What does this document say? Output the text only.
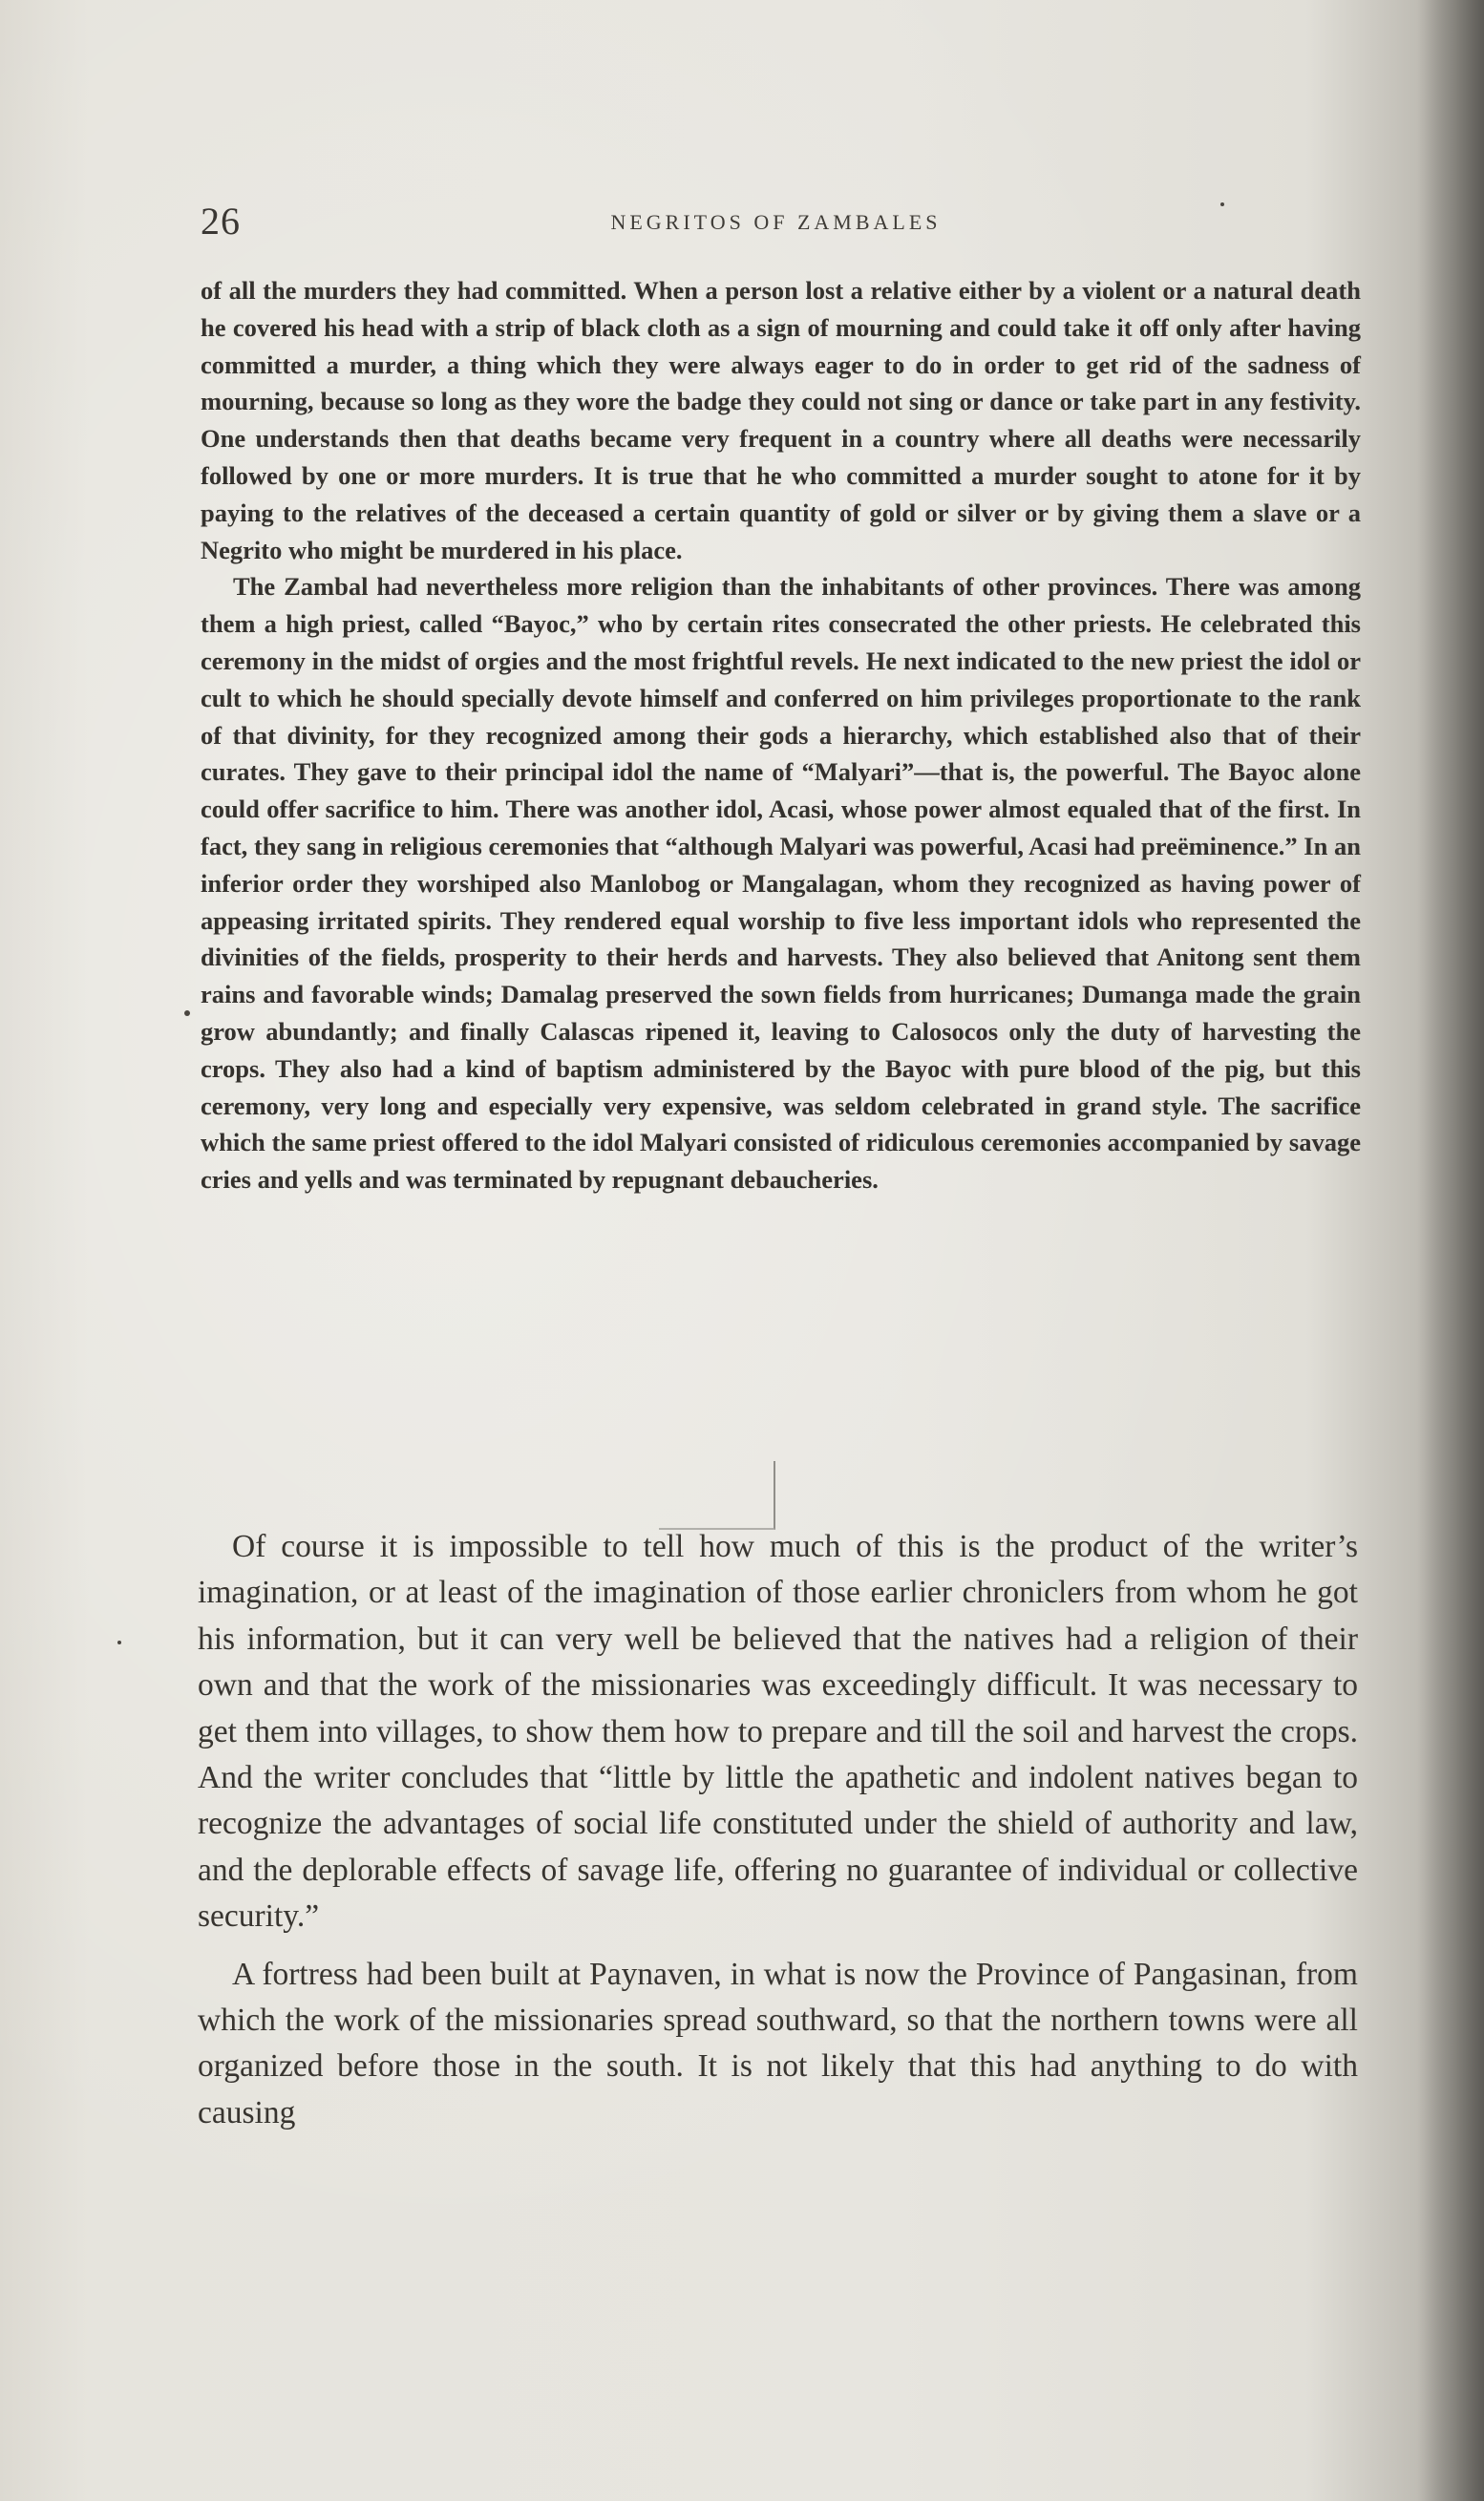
26	NEGRITOS OF ZAMBALES

of all the murders they had committed. When a person lost a relative either by a violent or a natural death he covered his head with a strip of black cloth as a sign of mourning and could take it off only after having committed a murder, a thing which they were always eager to do in order to get rid of the sadness of mourning, because so long as they wore the badge they could not sing or dance or take part in any festivity. One understands then that deaths became very frequent in a country where all deaths were necessarily followed by one or more murders. It is true that he who committed a murder sought to atone for it by paying to the relatives of the deceased a certain quantity of gold or silver or by giving them a slave or a Negrito who might be murdered in his place.

The Zambal had nevertheless more religion than the inhabitants of other provinces. There was among them a high priest, called “Bayoc,” who by certain rites consecrated the other priests. He celebrated this ceremony in the midst of orgies and the most frightful revels. He next indicated to the new priest the idol or cult to which he should specially devote himself and conferred on him privileges proportionate to the rank of that divinity, for they recognized among their gods a hierarchy, which established also that of their curates. They gave to their principal idol the name of “Malyari”—that is, the powerful. The Bayoc alone could offer sacrifice to him. There was another idol, Acasi, whose power almost equaled that of the first. In fact, they sang in religious ceremonies that “although Malyari was powerful, Acasi had preëminence.” In an inferior order they worshiped also Manlobog or Mangalagan, whom they recognized as having power of appeasing irritated spirits. They rendered equal worship to five less important idols who represented the divinities of the fields, prosperity to their herds and harvests. They also believed that Anitong sent them rains and favorable winds; Damalag preserved the sown fields from hurricanes; Dumanga made the grain grow abundantly; and finally Calascas ripened it, leaving to Calosocos only the duty of harvesting the crops. They also had a kind of baptism administered by the Bayoc with pure blood of the pig, but this ceremony, very long and especially very expensive, was seldom celebrated in grand style. The sacrifice which the same priest offered to the idol Malyari consisted of ridiculous ceremonies accompanied by savage cries and yells and was terminated by repugnant debaucheries.

Of course it is impossible to tell how much of this is the product of the writer’s imagination, or at least of the imagination of those earlier chroniclers from whom he got his information, but it can very well be believed that the natives had a religion of their own and that the work of the missionaries was exceedingly difficult. It was necessary to get them into villages, to show them how to prepare and till the soil and harvest the crops. And the writer concludes that “little by little the apathetic and indolent natives began to recognize the advantages of social life constituted under the shield of authority and law, and the deplorable effects of savage life, offering no guarantee of individual or collective security.”

A fortress had been built at Paynaven, in what is now the Province of Pangasinan, from which the work of the missionaries spread southward, so that the northern towns were all organized before those in the south. It is not likely that this had anything to do with causing
